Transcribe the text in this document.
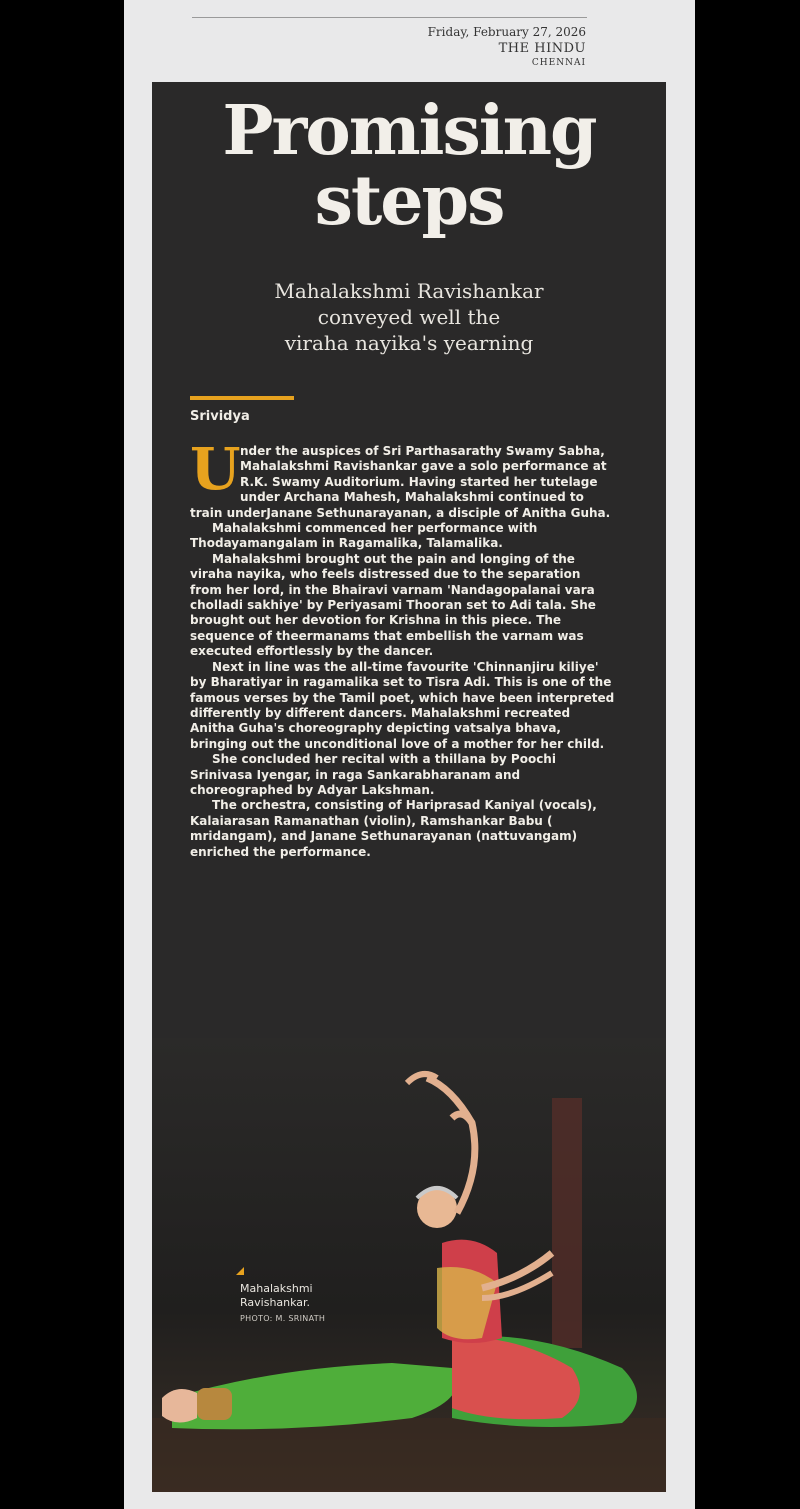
Friday, February 27, 2026
THE HINDU
CHENNAI
Promising
steps
Mahalakshmi Ravishankar
conveyed well the
viraha nayika's yearning
Srividya

Under the auspices of Sri Parthasarathy Swamy Sabha, Mahalakshmi Ravishankar gave a solo performance at R.K. Swamy Auditorium. Having started her tutelage under Archana Mahesh, Mahalakshmi continued to train underJanane Sethunarayanan, a disciple of Anitha Guha.

Mahalakshmi commenced her performance with Thodayamangalam in Ragamalika, Talamalika.

Mahalakshmi brought out the pain and longing of the viraha nayika, who feels distressed due to the separation from her lord, in the Bhairavi varnam 'Nandagopalanai vara cholladi sakhiye' by Periyasami Thooran set to Adi tala. She brought out her devotion for Krishna in this piece. The sequence of theermanams that embellish the varnam was executed effortlessly by the dancer.

Next in line was the all-time favourite 'Chinnanjiru kiliye' by Bharatiyar in ragamalika set to Tisra Adi. This is one of the famous verses by the Tamil poet, which have been interpreted differently by different dancers. Mahalakshmi recreated Anitha Guha's choreography depicting vatsalya bhava, bringing out the unconditional love of a mother for her child.

She concluded her recital with a thillana by Poochi Srinivasa Iyengar, in raga Sankarabharanam and choreographed by Adyar Lakshman.

The orchestra, consisting of Hariprasad Kaniyal (vocals), Kalaiarasan Ramanathan (violin), Ramshankar Babu ( mridangam), and Janane Sethunarayanan (nattuvangam) enriched the performance.

Mahalakshmi
Ravishankar.
PHOTO: M. SRINATH
